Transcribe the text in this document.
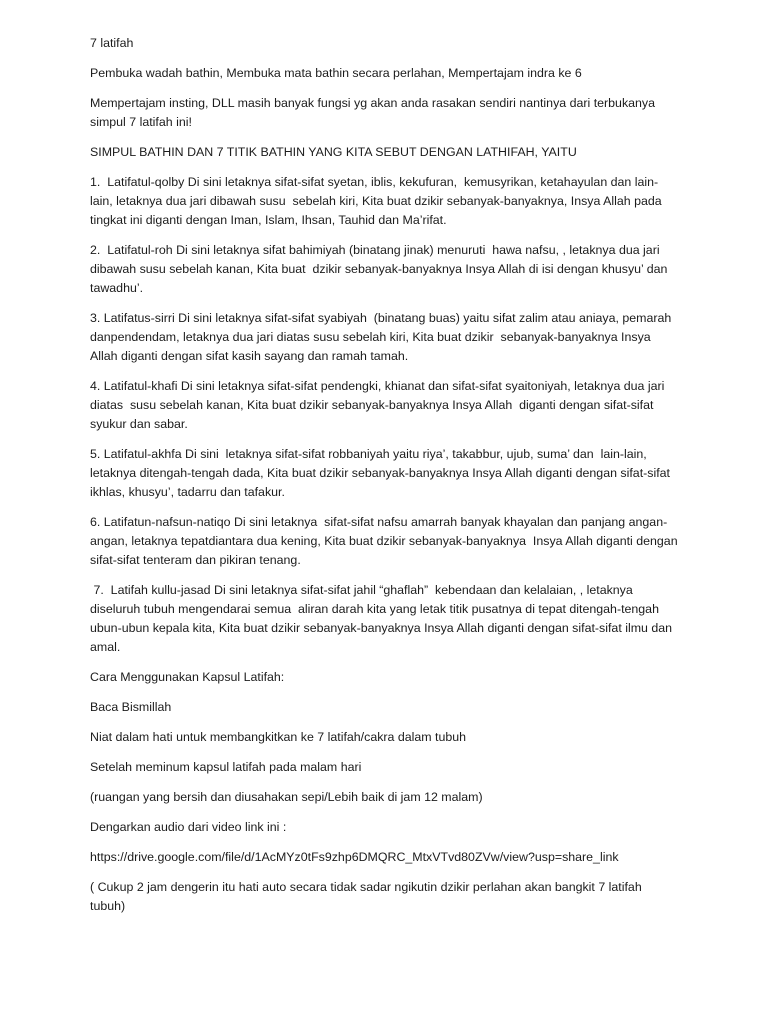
7 latifah

Pembuka wadah bathin, Membuka mata bathin secara perlahan, Mempertajam indra ke 6

Mempertajam insting, DLL masih banyak fungsi yg akan anda rasakan sendiri nantinya dari terbukanya simpul 7 latifah ini!

SIMPUL BATHIN DAN 7 TITIK BATHIN YANG KITA SEBUT DENGAN LATHIFAH, YAITU

1.  Latifatul-qolby Di sini letaknya sifat-sifat syetan, iblis, kekufuran,  kemusyrikan, ketahayulan dan lain-lain, letaknya dua jari dibawah susu  sebelah kiri, Kita buat dzikir sebanyak-banyaknya, Insya Allah pada tingkat ini diganti dengan Iman, Islam, Ihsan, Tauhid dan Ma’rifat.

2.  Latifatul-roh Di sini letaknya sifat bahimiyah (binatang jinak) menuruti  hawa nafsu, , letaknya dua jari dibawah susu sebelah kanan, Kita buat  dzikir sebanyak-banyaknya Insya Allah di isi dengan khusyu’ dan tawadhu’.

3. Latifatus-sirri Di sini letaknya sifat-sifat syabiyah  (binatang buas) yaitu sifat zalim atau aniaya, pemarah danpendendam, letaknya dua jari diatas susu sebelah kiri, Kita buat dzikir  sebanyak-banyaknya Insya Allah diganti dengan sifat kasih sayang dan ramah tamah.

4. Latifatul-khafi Di sini letaknya sifat-sifat pendengki, khianat dan sifat-sifat syaitoniyah, letaknya dua jari diatas  susu sebelah kanan, Kita buat dzikir sebanyak-banyaknya Insya Allah  diganti dengan sifat-sifat syukur dan sabar.

5. Latifatul-akhfa Di sini  letaknya sifat-sifat robbaniyah yaitu riya’, takabbur, ujub, suma’ dan  lain-lain, letaknya ditengah-tengah dada, Kita buat dzikir sebanyak-banyaknya Insya Allah diganti dengan sifat-sifat ikhlas, khusyu’, tadarru dan tafakur.

6. Latifatun-nafsun-natiqo Di sini letaknya  sifat-sifat nafsu amarrah banyak khayalan dan panjang angan-angan, letaknya tepatdiantara dua kening, Kita buat dzikir sebanyak-banyaknya  Insya Allah diganti dengan sifat-sifat tenteram dan pikiran tenang.

7.  Latifah kullu-jasad Di sini letaknya sifat-sifat jahil “ghaflah”  kebendaan dan kelalaian, , letaknya diseluruh tubuh mengendarai semua  aliran darah kita yang letak titik pusatnya di tepat ditengah-tengah ubun-ubun kepala kita, Kita buat dzikir sebanyak-banyaknya Insya Allah diganti dengan sifat-sifat ilmu dan amal.

Cara Menggunakan Kapsul Latifah:

Baca Bismillah

Niat dalam hati untuk membangkitkan ke 7 latifah/cakra dalam tubuh

Setelah meminum kapsul latifah pada malam hari

(ruangan yang bersih dan diusahakan sepi/Lebih baik di jam 12 malam)

Dengarkan audio dari video link ini :

https://drive.google.com/file/d/1AcMYz0tFs9zhp6DMQRC_MtxVTvd80ZVw/view?usp=share_link

( Cukup 2 jam dengerin itu hati auto secara tidak sadar ngikutin dzikir perlahan akan bangkit 7 latifah tubuh)
